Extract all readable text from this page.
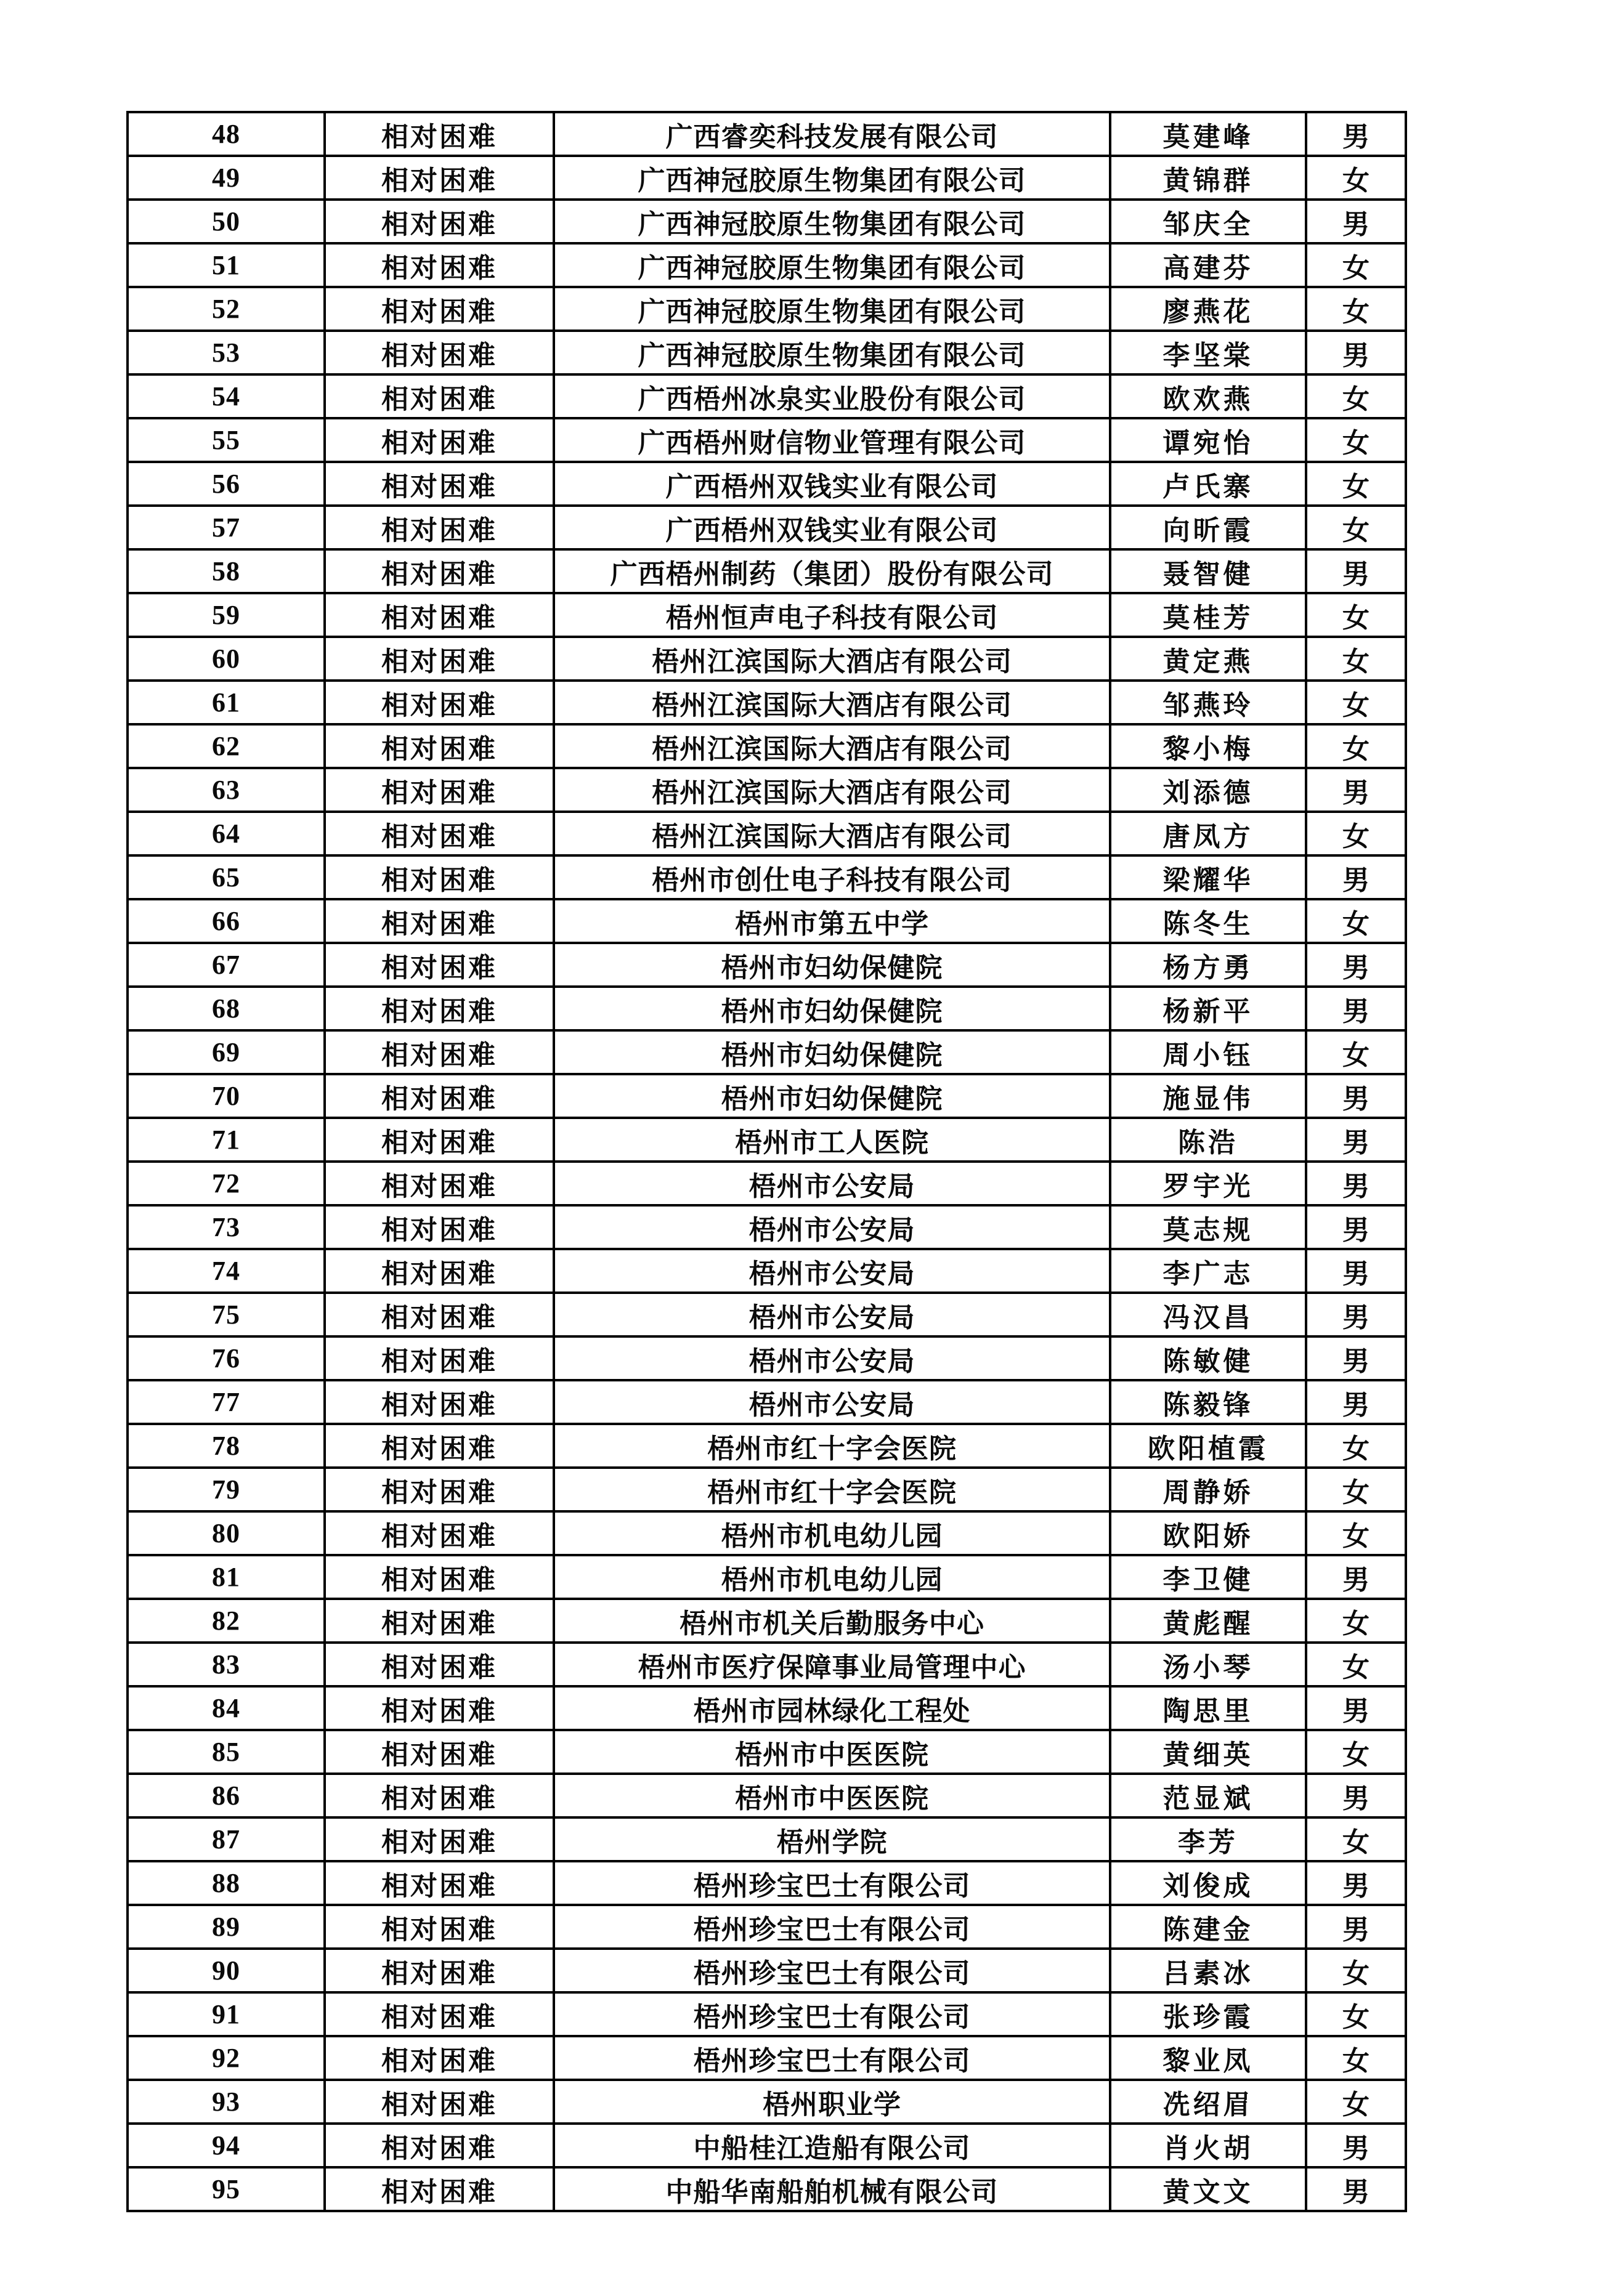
48	相对困难	广西睿奕科技发展有限公司	莫建峰	男
49	相对困难	广西神冠胶原生物集团有限公司	黄锦群	女
50	相对困难	广西神冠胶原生物集团有限公司	邹庆全	男
51	相对困难	广西神冠胶原生物集团有限公司	高建芬	女
52	相对困难	广西神冠胶原生物集团有限公司	廖燕花	女
53	相对困难	广西神冠胶原生物集团有限公司	李坚棠	男
54	相对困难	广西梧州冰泉实业股份有限公司	欧欢燕	女
55	相对困难	广西梧州财信物业管理有限公司	谭宛怡	女
56	相对困难	广西梧州双钱实业有限公司	卢氏寨	女
57	相对困难	广西梧州双钱实业有限公司	向昕霞	女
58	相对困难	广西梧州制药（集团）股份有限公司	聂智健	男
59	相对困难	梧州恒声电子科技有限公司	莫桂芳	女
60	相对困难	梧州江滨国际大酒店有限公司	黄定燕	女
61	相对困难	梧州江滨国际大酒店有限公司	邹燕玲	女
62	相对困难	梧州江滨国际大酒店有限公司	黎小梅	女
63	相对困难	梧州江滨国际大酒店有限公司	刘添德	男
64	相对困难	梧州江滨国际大酒店有限公司	唐凤方	女
65	相对困难	梧州市创仕电子科技有限公司	梁耀华	男
66	相对困难	梧州市第五中学	陈冬生	女
67	相对困难	梧州市妇幼保健院	杨方勇	男
68	相对困难	梧州市妇幼保健院	杨新平	男
69	相对困难	梧州市妇幼保健院	周小钰	女
70	相对困难	梧州市妇幼保健院	施显伟	男
71	相对困难	梧州市工人医院	陈浩	男
72	相对困难	梧州市公安局	罗宇光	男
73	相对困难	梧州市公安局	莫志规	男
74	相对困难	梧州市公安局	李广志	男
75	相对困难	梧州市公安局	冯汉昌	男
76	相对困难	梧州市公安局	陈敏健	男
77	相对困难	梧州市公安局	陈毅锋	男
78	相对困难	梧州市红十字会医院	欧阳植霞	女
79	相对困难	梧州市红十字会医院	周静娇	女
80	相对困难	梧州市机电幼儿园	欧阳娇	女
81	相对困难	梧州市机电幼儿园	李卫健	男
82	相对困难	梧州市机关后勤服务中心	黄彪醒	女
83	相对困难	梧州市医疗保障事业局管理中心	汤小琴	女
84	相对困难	梧州市园林绿化工程处	陶思里	男
85	相对困难	梧州市中医医院	黄细英	女
86	相对困难	梧州市中医医院	范显斌	男
87	相对困难	梧州学院	李芳	女
88	相对困难	梧州珍宝巴士有限公司	刘俊成	男
89	相对困难	梧州珍宝巴士有限公司	陈建金	男
90	相对困难	梧州珍宝巴士有限公司	吕素冰	女
91	相对困难	梧州珍宝巴士有限公司	张珍霞	女
92	相对困难	梧州珍宝巴士有限公司	黎业凤	女
93	相对困难	梧州职业学	冼绍眉	女
94	相对困难	中船桂江造船有限公司	肖火胡	男
95	相对困难	中船华南船舶机械有限公司	黄文文	男
